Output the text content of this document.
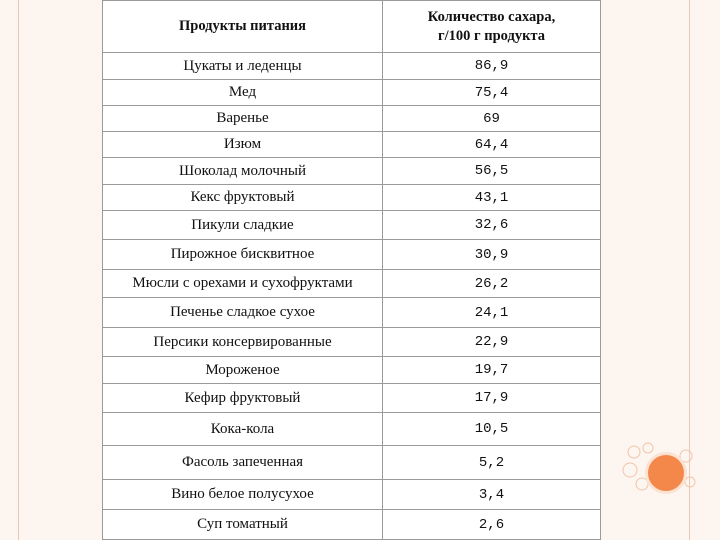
Продукты питания	Количество сахара,
г/100 г продукта
Цукаты и леденцы	86,9
Мед	75,4
Варенье	69
Изюм	64,4
Шоколад молочный	56,5
Кекс фруктовый	43,1
Пикули сладкие	32,6
Пирожное бисквитное	30,9
Мюсли с орехами и сухофруктами	26,2
Печенье сладкое сухое	24,1
Персики консервированные	22,9
Мороженое	19,7
Кефир фруктовый	17,9
Кока-кола	10,5
Фасоль запеченная	5,2
Вино белое полусухое	3,4
Суп томатный	2,6
